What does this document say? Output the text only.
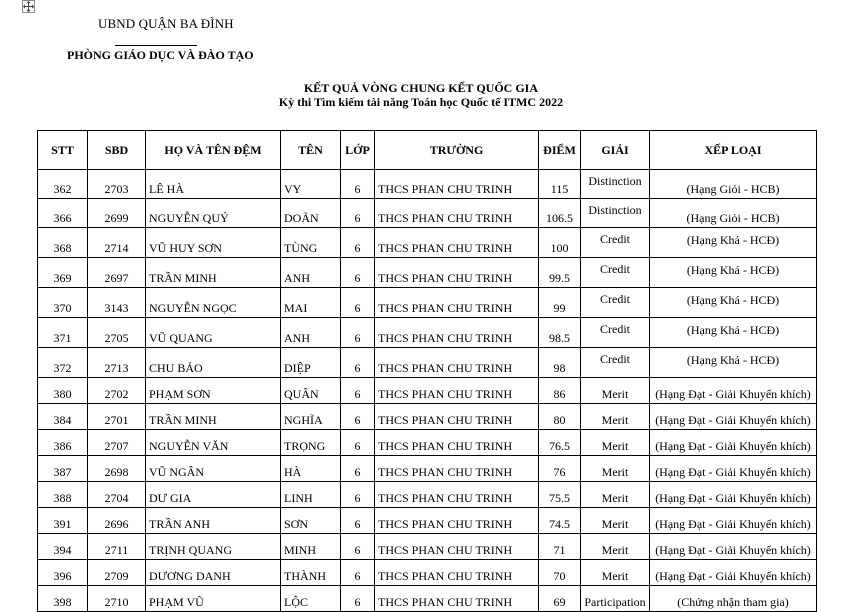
UBND QUẬN BA ĐÌNH
PHÒNG GIÁO DỤC VÀ ĐÀO TẠO
KẾT QUẢ VÒNG CHUNG KẾT QUỐC GIA
Kỳ thi Tìm kiếm tài năng Toán học Quốc tế ITMC 2022
STT	SBD	HỌ VÀ TÊN ĐỆM	TÊN	LỚP	TRƯỜNG	ĐIỂM	GIẢI	XẾP LOẠI
362	2703	LÊ HÀ	VY	6	THCS PHAN CHU TRINH	115	Distinction	(Hạng Giỏi - HCB)
366	2699	NGUYỄN QUÝ	DOÃN	6	THCS PHAN CHU TRINH	106.5	Distinction	(Hạng Giỏi - HCB)
368	2714	VŨ HUY SƠN	TÙNG	6	THCS PHAN CHU TRINH	100	Credit	(Hạng Khá - HCĐ)
369	2697	TRẦN MINH	ANH	6	THCS PHAN CHU TRINH	99.5	Credit	(Hạng Khá - HCĐ)
370	3143	NGUYỄN NGỌC	MAI	6	THCS PHAN CHU TRINH	99	Credit	(Hạng Khá - HCĐ)
371	2705	VŨ QUANG	ANH	6	THCS PHAN CHU TRINH	98.5	Credit	(Hạng Khá - HCĐ)
372	2713	CHU BẢO	DIỆP	6	THCS PHAN CHU TRINH	98	Credit	(Hạng Khá - HCĐ)
380	2702	PHẠM SƠN	QUÂN	6	THCS PHAN CHU TRINH	86	Merit	(Hạng Đạt - Giải Khuyến khích)
384	2701	TRẦN MINH	NGHĨA	6	THCS PHAN CHU TRINH	80	Merit	(Hạng Đạt - Giải Khuyến khích)
386	2707	NGUYỄN VĂN	TRỌNG	6	THCS PHAN CHU TRINH	76.5	Merit	(Hạng Đạt - Giải Khuyến khích)
387	2698	VŨ NGÂN	HÀ	6	THCS PHAN CHU TRINH	76	Merit	(Hạng Đạt - Giải Khuyến khích)
388	2704	DƯ GIA	LINH	6	THCS PHAN CHU TRINH	75.5	Merit	(Hạng Đạt - Giải Khuyến khích)
391	2696	TRẦN ANH	SƠN	6	THCS PHAN CHU TRINH	74.5	Merit	(Hạng Đạt - Giải Khuyến khích)
394	2711	TRỊNH QUANG	MINH	6	THCS PHAN CHU TRINH	71	Merit	(Hạng Đạt - Giải Khuyến khích)
396	2709	DƯƠNG DANH	THÀNH	6	THCS PHAN CHU TRINH	70	Merit	(Hạng Đạt - Giải Khuyến khích)
398	2710	PHẠM VŨ	LỘC	6	THCS PHAN CHU TRINH	69	Participation	(Chứng nhận tham gia)
